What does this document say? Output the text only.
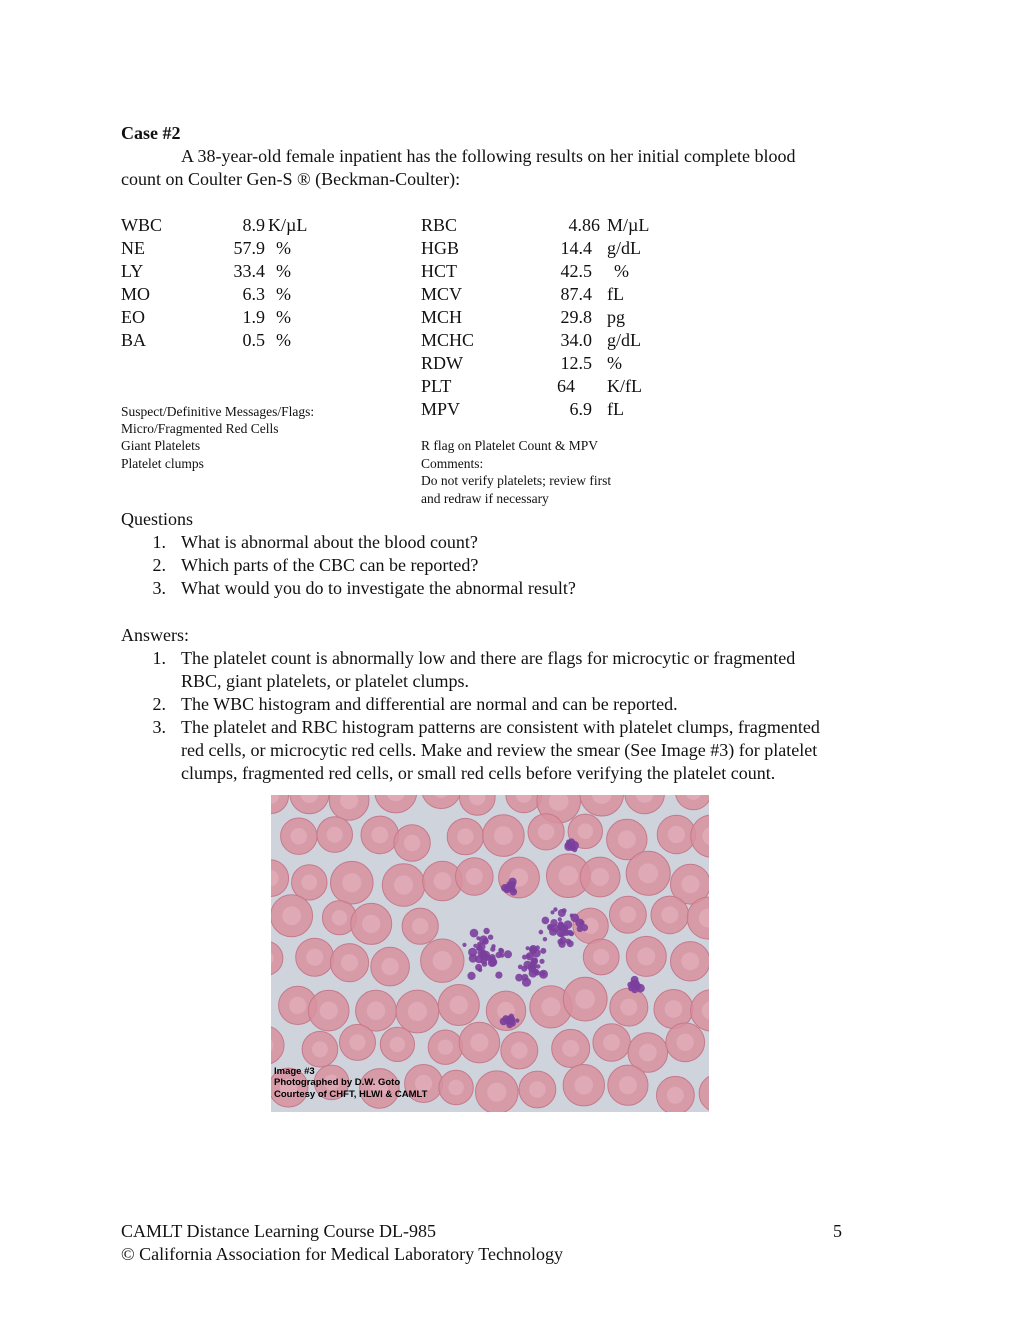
Case #2
A 38-year-old female inpatient has the following results on her initial complete blood
count on Coulter Gen-S ® (Beckman-Coulter):
WBC	8.9 K/µL
NE	57.9 %
LY	33.4 %
MO	6.3 %
EO	1.9 %
BA	0.5 %
RBC	4.86 M/µL
HGB	14.4 g/dL
HCT	42.5 %
MCV	87.4 fL
MCH	29.8 pg
MCHC	34.0 g/dL
RDW	12.5 %
PLT	64 K/fL
MPV	6.9 fL
Suspect/Definitive Messages/Flags:
Micro/Fragmented Red Cells
Giant Platelets
Platelet clumps
R flag on Platelet Count & MPV
Comments:
Do not verify platelets; review first
and redraw if necessary
Questions
1. What is abnormal about the blood count?
2. Which parts of the CBC can be reported?
3. What would you do to investigate the abnormal result?
Answers:
1. The platelet count is abnormally low and there are flags for microcytic or fragmented
RBC, giant platelets, or platelet clumps.
2. The WBC histogram and differential are normal and can be reported.
3. The platelet and RBC histogram patterns are consistent with platelet clumps, fragmented
red cells, or microcytic red cells. Make and review the smear (See Image #3) for platelet
clumps, fragmented red cells, or small red cells before verifying the platelet count.
Image #3
Photographed by D.W. Goto
Courtesy of CHFT, HLWI & CAMLT
CAMLT Distance Learning Course DL-985	5
© California Association for Medical Laboratory Technology
